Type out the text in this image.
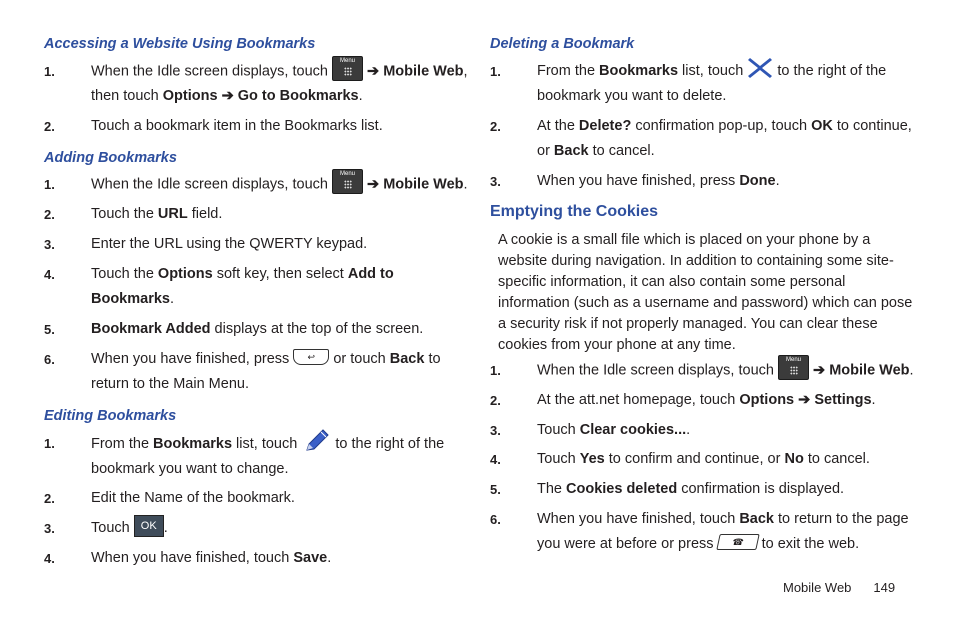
Accessing a Website Using Bookmarks
1. When the Idle screen displays, touch
Menu
➔ Mobile Web,
then touch Options ➔ Go to Bookmarks.
2. Touch a bookmark item in the Bookmarks list.
Adding Bookmarks
1. When the Idle screen displays, touch
Menu
➔ Mobile Web.
2. Touch the URL field.
3. Enter the URL using the QWERTY keypad.
4. Touch the Options soft key, then select Add to
Bookmarks.
5. Bookmark Added displays at the top of the screen.
6. When you have finished, press ↩ or touch Back to
return to the Main Menu.
Editing Bookmarks
1. From the Bookmarks list, touch	to the right of the
bookmark you want to change.
2. Edit the Name of the bookmark.
3. Touch OK .
4. When you have finished, touch Save.
Deleting a Bookmark
1. From the Bookmarks list, touch to the right of the
bookmark you want to delete.
2. At the Delete? confirmation pop-up, touch OK to continue,
or Back to cancel.
3. When you have finished, press Done.
Emptying the Cookies
A cookie is a small file which is placed on your phone by a
website during navigation. In addition to containing some site-
specific information, it can also contain some personal
information (such as a username and password) which can pose
a security risk if not properly managed. You can clear these
cookies from your phone at any time.
1. When the Idle screen displays, touch
Menu
➔ Mobile Web.
2. At the att.net homepage, touch Options ➔ Settings.
3. Touch Clear cookies....
4. Touch Yes to confirm and continue, or No to cancel.
5. The Cookies deleted confirmation is displayed.
6. When you have finished, touch Back to return to the page
you were at before or press ☎ to exit the web.
Mobile Web 149
